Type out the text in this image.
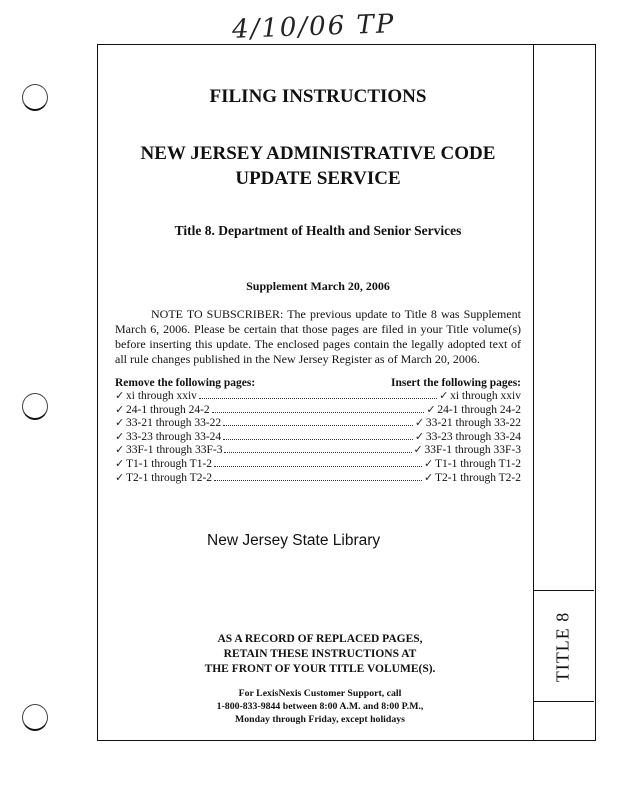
4/10/06 TP
TITLE 8
FILING INSTRUCTIONS
NEW JERSEY ADMINISTRATIVE CODE
UPDATE SERVICE
Title 8. Department of Health and Senior Services
Supplement March 20, 2006
NOTE TO SUBSCRIBER: The previous update to Title 8 was Supplement March 6, 2006. Please be certain that those pages are filed in your Title volume(s) before inserting this update. The enclosed pages contain the legally adopted text of all rule changes published in the New Jersey Register as of March 20, 2006.
Remove the following pages:	Insert the following pages:
✓ xi through xxiv	✓ xi through xxiv
✓ 24-1 through 24-2	✓ 24-1 through 24-2
✓ 33-21 through 33-22	✓ 33-21 through 33-22
✓ 33-23 through 33-24	✓ 33-23 through 33-24
✓ 33F-1 through 33F-3	✓ 33F-1 through 33F-3
✓ T1-1 through T1-2	✓ T1-1 through T1-2
✓ T2-1 through T2-2	✓ T2-1 through T2-2
New Jersey State Library
AS A RECORD OF REPLACED PAGES,
RETAIN THESE INSTRUCTIONS AT
THE FRONT OF YOUR TITLE VOLUME(S).
For LexisNexis Customer Support, call
1-800-833-9844 between 8:00 A.M. and 8:00 P.M.,
Monday through Friday, except holidays
